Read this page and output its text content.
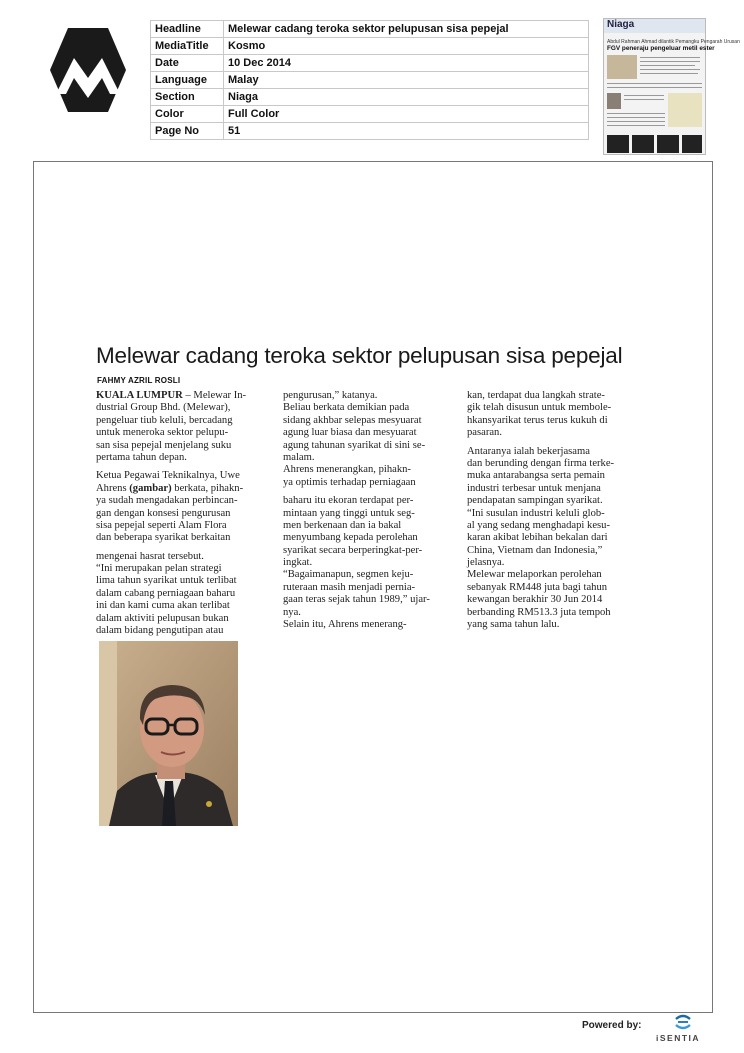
Headline	Melewar cadang teroka sektor pelupusan sisa pepejal
MediaTitle	Kosmo
Date	10 Dec 2014
Language	Malay
Section	Niaga
Color	Full Color
Page No	51
Niaga
Abdul Rahman Ahmad dilantik Pemangku Pengarah Urusan
FGV peneraju pengeluar metil ester
Melewar cadang teroka sektor pelupusan sisa pepejal
FAHMY AZRIL ROSLI
KUALA LUMPUR – Melewar In-
dustrial Group Bhd. (Melewar),
pengeluar tiub keluli, bercadang
untuk meneroka sektor pelupu-
san sisa pepejal menjelang suku
pertama tahun depan.
Ketua Pegawai Teknikalnya, Uwe
Ahrens (gambar) berkata, pihakn-
ya sudah mengadakan perbincan-
gan dengan konsesi pengurusan
sisa pepejal seperti Alam Flora
dan beberapa syarikat berkaitan
mengenai hasrat tersebut.
“Ini merupakan pelan strategi
lima tahun syarikat untuk terlibat
dalam cabang perniagaan baharu
ini dan kami cuma akan terlibat
dalam aktiviti pelupusan bukan
dalam bidang pengutipan atau
pengurusan,” katanya.
Beliau berkata demikian pada
sidang akhbar selepas mesyuarat
agung luar biasa dan mesyuarat
agung tahunan syarikat di sini se-
malam.
Ahrens menerangkan, pihakn-
ya optimis terhadap perniagaan
baharu itu ekoran terdapat per-
mintaan yang tinggi untuk seg-
men berkenaan dan ia bakal
menyumbang kepada perolehan
syarikat secara berperingkat-per-
ingkat.
“Bagaimanapun, segmen keju-
ruteraan masih menjadi pernia-
gaan teras sejak tahun 1989,” ujar-
nya.
Selain itu, Ahrens menerang-
kan, terdapat dua langkah strate-
gik telah disusun untuk membole-
hkansyarikat terus terus kukuh di
pasaran.
Antaranya ialah bekerjasama
dan berunding dengan firma terke-
muka antarabangsa serta pemain
industri terbesar untuk menjana
pendapatan sampingan syarikat.
“Ini susulan industri keluli glob-
al yang sedang menghadapi kesu-
karan akibat lebihan bekalan dari
China, Vietnam dan Indonesia,”
jelasnya.
Melewar melaporkan perolehan
sebanyak RM448 juta bagi tahun
kewangan berakhir 30 Jun 2014
berbanding RM513.3 juta tempoh
yang sama tahun lalu.
Powered by:
iSENTIA
